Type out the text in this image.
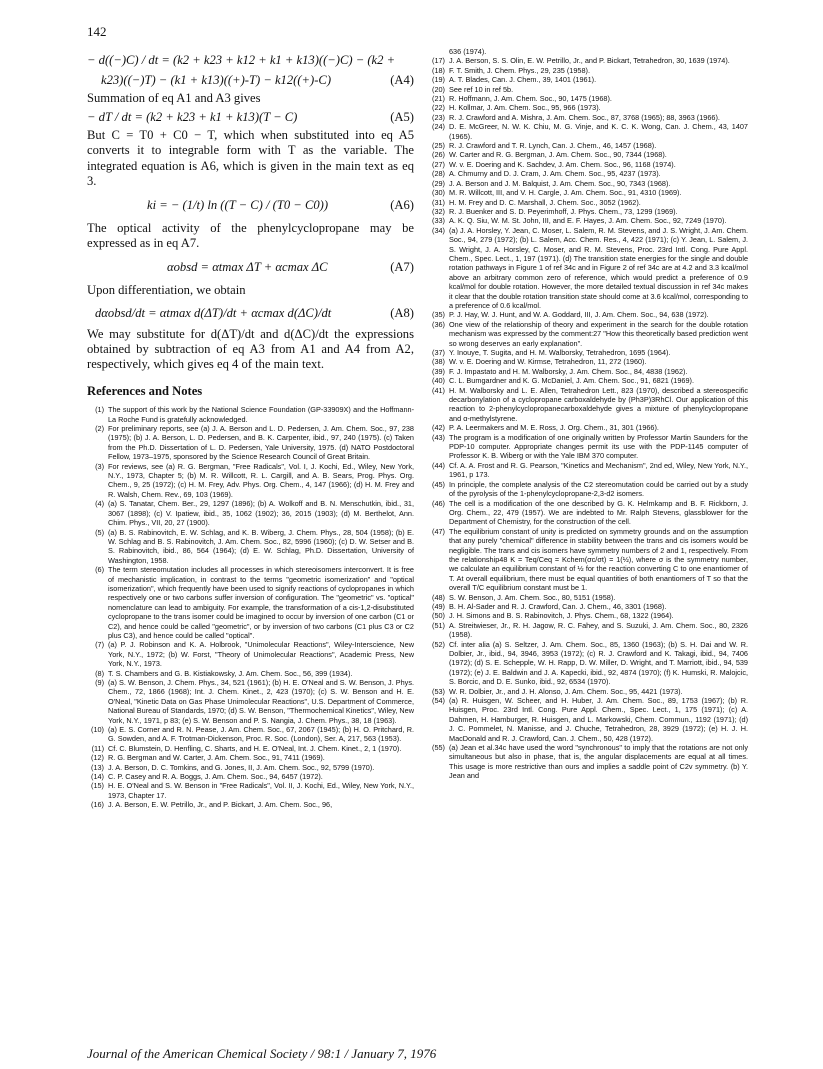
142
− d((−)C) / dt = (k2 + k23 + k12 + k1 + k13)((−)C) − (k2 +
k23)((−)T) − (k1 + k13)((+)-T) − k12((+)-C)	(A4)

Summation of eq A1 and A3 gives

− dT / dt = (k2 + k23 + k1 + k13)(T − C)	(A5)

But C = T0 + C0 − T, which when substituted into eq A5 converts it to integrable form with T as the variable. The integrated equation is A6, which is given in the main text as eq 3.

ki = − (1/t) ln ((T − C) / (T0 − C0))	(A6)

The optical activity of the phenylcyclopropane may be expressed as in eq A7.

αobsd = αtmax ΔT + αcmax ΔC	(A7)

Upon differentiation, we obtain

dαobsd/dt = αtmax d(ΔT)/dt + αcmax d(ΔC)/dt	(A8)

We may substitute for d(ΔT)/dt and d(ΔC)/dt the expressions obtained by subtraction of eq A3 from A1 and A4 from A2, respectively, which gives eq 4 of the main text.

References and Notes
(1) The support of this work by the National Science Foundation (GP-33909X) and the Hoffmann-La Roche Fund is gratefully acknowledged.
(2) For preliminary reports, see (a) J. A. Berson and L. D. Pedersen, J. Am. Chem. Soc., 97, 238 (1975); (b) J. A. Berson, L. D. Pedersen, and B. K. Carpenter, ibid., 97, 240 (1975). (c) Taken from the Ph.D. Dissertation of L. D. Pedersen, Yale University, 1975. (d) NATO Postdoctoral Fellow, 1973–1975, sponsored by the Science Research Council of Great Britain.
(3) For reviews, see (a) R. G. Bergman, "Free Radicals", Vol. I, J. Kochi, Ed., Wiley, New York, N.Y., 1973, Chapter 5; (b) M. R. Willcott, R. L. Cargill, and A. B. Sears, Prog. Phys. Org. Chem., 9, 25 (1972); (c) H. M. Frey, Adv. Phys. Org. Chem., 4, 147 (1966); (d) H. M. Frey and R. Walsh, Chem. Rev., 69, 103 (1969).
(4) (a) S. Tanatar, Chem. Ber., 29, 1297 (1896); (b) A. Wolkoff and B. N. Menschutkin, ibid., 31, 3067 (1898); (c) V. Ipatiew, ibid., 35, 1062 (1902); 36, 2015 (1903); (d) M. Berthelot, Ann. Chim. Phys., VII, 20, 27 (1900).
(5) (a) B. S. Rabinovitch, E. W. Schlag, and K. B. Wiberg, J. Chem. Phys., 28, 504 (1958); (b) E. W. Schlag and B. S. Rabinovitch, J. Am. Chem. Soc., 82, 5996 (1960); (c) D. W. Setser and B. S. Rabinovitch, ibid., 86, 564 (1964); (d) E. W. Schlag, Ph.D. Dissertation, University of Washington, 1958.
(6) The term stereomutation includes all processes in which stereoisomers interconvert. It is free of mechanistic implication, in contrast to the terms "geometric isomerization" and "optical isomerization", which frequently have been used to signify reactions of cyclopropanes in which respectively one or two carbons suffer inversion of configuration. The "geometric" vs. "optical" nomenclature can lead to ambiguity. For example, the transformation of a cis-1,2-disubstituted cyclopropane to the trans isomer could be imagined to occur by inversion of one carbon (C1 or C2), and hence could be called "geometric", or by inversion of two carbons (C1 plus C3 or C2 plus C3), and hence could be called "optical".
(7) (a) P. J. Robinson and K. A. Holbrook, "Unimolecular Reactions", Wiley-Interscience, New York, N.Y., 1972; (b) W. Forst, "Theory of Unimolecular Reactions", Academic Press, New York, N.Y., 1973.
(8) T. S. Chambers and G. B. Kistiakowsky, J. Am. Chem. Soc., 56, 399 (1934).
(9) (a) S. W. Benson, J. Chem. Phys., 34, 521 (1961); (b) H. E. O'Neal and S. W. Benson, J. Phys. Chem., 72, 1866 (1968); Int. J. Chem. Kinet., 2, 423 (1970); (c) S. W. Benson and H. E. O'Neal, "Kinetic Data on Gas Phase Unimolecular Reactions", U.S. Department of Commerce, National Bureau of Standards, 1970; (d) S. W. Benson, "Thermochemical Kinetics", Wiley, New York, N.Y., 1971, p 83; (e) S. W. Benson and P. S. Nangia, J. Chem. Phys., 38, 18 (1963).
(10) (a) E. S. Corner and R. N. Pease, J. Am. Chem. Soc., 67, 2067 (1945); (b) H. O. Pritchard, R. G. Sowden, and A. F. Trotman-Dickenson, Proc. R. Soc. (London), Ser. A, 217, 563 (1953).
(11) Cf. C. Blumstein, D. Henfling, C. Sharts, and H. E. O'Neal, Int. J. Chem. Kinet., 2, 1 (1970).
(12) R. G. Bergman and W. Carter, J. Am. Chem. Soc., 91, 7411 (1969).
(13) J. A. Berson, D. C. Tomkins, and G. Jones, II, J. Am. Chem. Soc., 92, 5799 (1970).
(14) C. P. Casey and R. A. Boggs, J. Am. Chem. Soc., 94, 6457 (1972).
(15) H. E. O'Neal and S. W. Benson in "Free Radicals", Vol. II, J. Kochi, Ed., Wiley, New York, N.Y., 1973, Chapter 17.
(16) J. A. Berson, E. W. Petrillo, Jr., and P. Bickart, J. Am. Chem. Soc., 96,
636 (1974).
(17) J. A. Berson, S. S. Olin, E. W. Petrillo, Jr., and P. Bickart, Tetrahedron, 30, 1639 (1974).
(18) F. T. Smith, J. Chem. Phys., 29, 235 (1958).
(19) A. T. Blades, Can. J. Chem., 39, 1401 (1961).
(20) See ref 10 in ref 5b.
(21) R. Hoffmann, J. Am. Chem. Soc., 90, 1475 (1968).
(22) H. Kollmar, J. Am. Chem. Soc., 95, 966 (1973).
(23) R. J. Crawford and A. Mishra, J. Am. Chem. Soc., 87, 3768 (1965); 88, 3963 (1966).
(24) D. E. McGreer, N. W. K. Chiu, M. G. Vinje, and K. C. K. Wong, Can. J. Chem., 43, 1407 (1965).
(25) R. J. Crawford and T. R. Lynch, Can. J. Chem., 46, 1457 (1968).
(26) W. Carter and R. G. Bergman, J. Am. Chem. Soc., 90, 7344 (1968).
(27) W. v. E. Doering and K. Sachdev, J. Am. Chem. Soc., 96, 1168 (1974).
(28) A. Chmurny and D. J. Cram, J. Am. Chem. Soc., 95, 4237 (1973).
(29) J. A. Berson and J. M. Balquist, J. Am. Chem. Soc., 90, 7343 (1968).
(30) M. R. Willcott, III, and V. H. Cargle, J. Am. Chem. Soc., 91, 4310 (1969).
(31) H. M. Frey and D. C. Marshall, J. Chem. Soc., 3052 (1962).
(32) R. J. Buenker and S. D. Peyerimhoff, J. Phys. Chem., 73, 1299 (1969).
(33) A. K. Q. Siu, W. M. St. John, III, and E. F. Hayes, J. Am. Chem. Soc., 92, 7249 (1970).
(34) (a) J. A. Horsley, Y. Jean, C. Moser, L. Salem, R. M. Stevens, and J. S. Wright, J. Am. Chem. Soc., 94, 279 (1972); (b) L. Salem, Acc. Chem. Res., 4, 422 (1971); (c) Y. Jean, L. Salem, J. S. Wright, J. A. Horsley, C. Moser, and R. M. Stevens, Proc. 23rd Intl. Cong. Pure Appl. Chem., Spec. Lect., 1, 197 (1971). (d) The transition state energies for the single and double rotation pathways in Figure 1 of ref 34c and in Figure 2 of ref 34c are at 4.2 and 3.3 kcal/mol above an arbitrary common zero of reference, which would predict a preference of 0.9 kcal/mol for double rotation. However, the more detailed textual discussion in ref 34c makes it clear that the double rotation transition state should come at 3.6 kcal/mol, corresponding to a preference of 0.6 kcal/mol.
(35) P. J. Hay, W. J. Hunt, and W. A. Goddard, III, J. Am. Chem. Soc., 94, 638 (1972).
(36) One view of the relationship of theory and experiment in the search for the double rotation mechanism was expressed by the comment:27 "How this theoretically based prediction went so wrong deserves an early explanation".
(37) Y. Inouye, T. Sugita, and H. M. Walborsky, Tetrahedron, 1695 (1964).
(38) W. v. E. Doering and W. Kirmse, Tetrahedron, 11, 272 (1960).
(39) F. J. Impastato and H. M. Walborsky, J. Am. Chem. Soc., 84, 4838 (1962).
(40) C. L. Bumgardner and K. G. McDaniel, J. Am. Chem. Soc., 91, 6821 (1969).
(41) H. M. Walborsky and L. E. Allen, Tetrahedron Lett., 823 (1970), described a stereospecific decarbonylation of a cyclopropane carboxaldehyde by (Ph3P)3RhCl. Our application of this reaction to 2-phenylcyclopropanecarboxaldehyde gives a mixture of phenylcyclopropane and α-methylstyrene.
(42) P. A. Leermakers and M. E. Ross, J. Org. Chem., 31, 301 (1966).
(43) The program is a modification of one originally written by Professor Martin Saunders for the PDP-10 computer. Appropriate changes permit its use with the PDP-1145 computer of Professor K. B. Wiberg or with the Yale IBM 370 computer.
(44) Cf. A. A. Frost and R. G. Pearson, "Kinetics and Mechanism", 2nd ed, Wiley, New York, N.Y., 1961, p 173.
(45) In principle, the complete analysis of the C2 stereomutation could be carried out by a study of the pyrolysis of the 1-phenylcyclopropane-2,3-d2 isomers.
(46) The cell is a modification of the one described by G. K. Helmkamp and B. F. Rickborn, J. Org. Chem., 22, 479 (1957). We are indebted to Mr. Ralph Stevens, glassblower for the Department of Chemistry, for the construction of the cell.
(47) The equilibrium constant of unity is predicted on symmetry grounds and on the assumption that any purely "chemical" difference in stability between the trans and cis isomers would be negligible. The trans and cis isomers have symmetry numbers of 2 and 1, respectively. From the relationship48 K = Teq/Ceq = Kchem(σc/σt) = 1(½), where σ is the symmetry number, we calculate an equilibrium constant of ½ for the reaction converting C to one enantiomer of T. At overall equilibrium, there must be equal quantities of both enantiomers of T so that the overall T/C equilibrium constant must be 1.
(48) S. W. Benson, J. Am. Chem. Soc., 80, 5151 (1958).
(49) B. H. Al-Sader and R. J. Crawford, Can. J. Chem., 46, 3301 (1968).
(50) J. H. Simons and B. S. Rabinovitch, J. Phys. Chem., 68, 1322 (1964).
(51) A. Streitwieser, Jr., R. H. Jagow, R. C. Fahey, and S. Suzuki, J. Am. Chem. Soc., 80, 2326 (1958).
(52) Cf. inter alia (a) S. Seltzer, J. Am. Chem. Soc., 85, 1360 (1963); (b) S. H. Dai and W. R. Dolbier, Jr., ibid., 94, 3946, 3953 (1972); (c) R. J. Crawford and K. Takagi, ibid., 94, 7406 (1972); (d) S. E. Schepple, W. H. Rapp, D. W. Miller, D. Wright, and T. Marriott, ibid., 94, 539 (1972); (e) J. E. Baldwin and J. A. Kapecki, ibid., 92, 4874 (1970); (f) K. Humski, R. Malojcic, S. Borcic, and D. E. Sunko, ibid., 92, 6534 (1970).
(53) W. R. Dolbier, Jr., and J. H. Alonso, J. Am. Chem. Soc., 95, 4421 (1973).
(54) (a) R. Huisgen, W. Scheer, and H. Huber, J. Am. Chem. Soc., 89, 1753 (1967); (b) R. Huisgen, Proc. 23rd Intl. Cong. Pure Appl. Chem., Spec. Lect., 1, 175 (1971); (c) A. Dahmen, H. Hamburger, R. Huisgen, and L. Markowski, Chem. Commun., 1192 (1971); (d) J. C. Pommelet, N. Manisse, and J. Chuche, Tetrahedron, 28, 3929 (1972); (e) H. J. H. MacDonald and R. J. Crawford, Can. J. Chem., 50, 428 (1972).
(55) (a) Jean et al.34c have used the word "synchronous" to imply that the rotations are not only simultaneous but also in phase, that is, the angular displacements are equal at all times. This usage is more restrictive than ours and implies a saddle point of C2v symmetry. (b) Y. Jean and
Journal of the American Chemical Society / 98:1 / January 7, 1976
